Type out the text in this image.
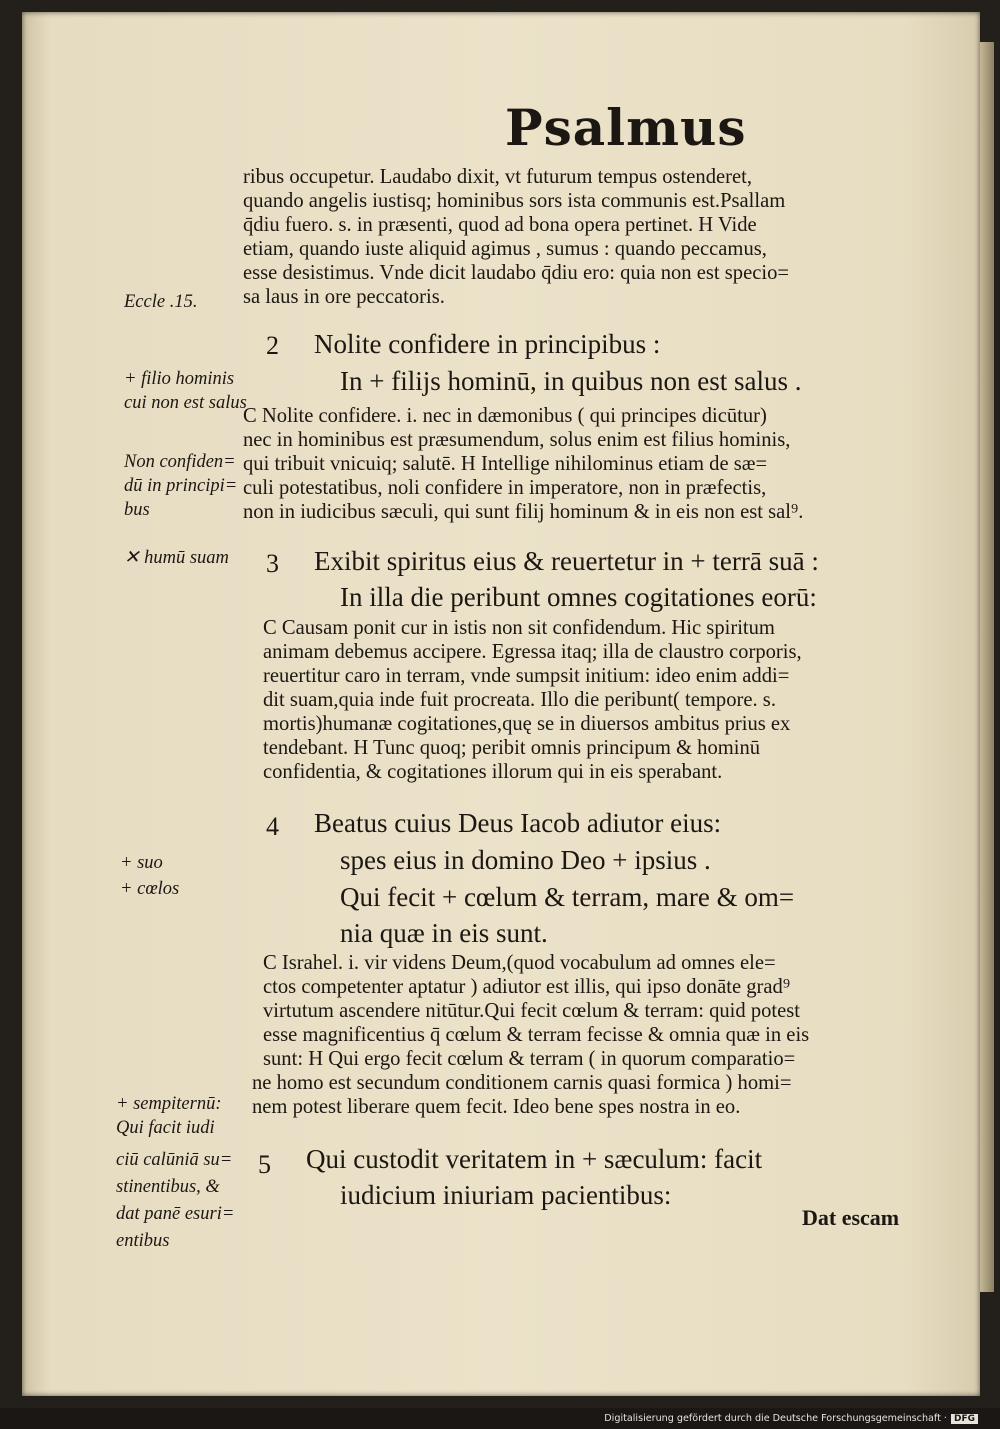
Psalmus
ribus occupetur. Laudabo dixit, vt futurum tempus ostenderet,
quando angelis iustisq; hominibus sors ista communis est.Psallam
q̄diu fuero. s. in præsenti, quod ad bona opera pertinet. H Vide
etiam, quando iuste aliquid agimus , sumus : quando peccamus,
esse desistimus. Vnde dicit laudabo q̄diu ero: quia non est specio=
sa laus in ore peccatoris.
2 Nolite confidere in principibus :
In + filijs hominū, in quibus non est salus .
C Nolite confidere. i. nec in dæmonibus ( qui principes dicūtur)
nec in hominibus est præsumendum, solus enim est filius hominis,
qui tribuit vnicuiq; salutē. H Intellige nihilominus etiam de sæ=
culi potestatibus, noli confidere in imperatore, non in præfectis,
non in iudicibus sæculi, qui sunt filij hominum & in eis non est sal⁹.
3 Exibit spiritus eius & reuertetur in + terrā suā :
In illa die peribunt omnes cogitationes eorū:
C Causam ponit cur in istis non sit confidendum. Hic spiritum
animam debemus accipere. Egressa itaq; illa de claustro corporis,
reuertitur caro in terram, vnde sumpsit initium: ideo enim addi=
dit suam,quia inde fuit procreata. Illo die peribunt( tempore. s.
mortis)humanæ cogitationes,quę se in diuersos ambitus prius ex
tendebant. H Tunc quoq; peribit omnis principum & hominū
confidentia, & cogitationes illorum qui in eis sperabant.
4 Beatus cuius Deus Iacob adiutor eius:
spes eius in domino Deo + ipsius .
Qui fecit + cœlum & terram, mare & om=
nia quæ in eis sunt.
C Israhel. i. vir videns Deum,(quod vocabulum ad omnes ele=
ctos competenter aptatur ) adiutor est illis, qui ipso donāte grad⁹
virtutum ascendere nitūtur.Qui fecit cœlum & terram: quid potest
esse magnificentius q̄ cœlum & terram fecisse & omnia quæ in eis
sunt: H Qui ergo fecit cœlum & terram ( in quorum comparatio=
ne homo est secundum conditionem carnis quasi formica ) homi=
nem potest liberare quem fecit. Ideo bene spes nostra in eo.
5 Qui custodit veritatem in + sæculum: facit
iudicium iniuriam pacientibus:
Dat escam
Eccle .15.
+ filio hominis
cui non est salus
Non confiden=
dū in principi=
bus
✕ humū suam
+ suo
+ cœlos
+ sempiternū:
Qui facit iudi
ciū calūniā su=
stinentibus, &
dat panē esuri=
entibus
Digitalisierung gefördert durch die Deutsche Forschungsgemeinschaft · DFG
